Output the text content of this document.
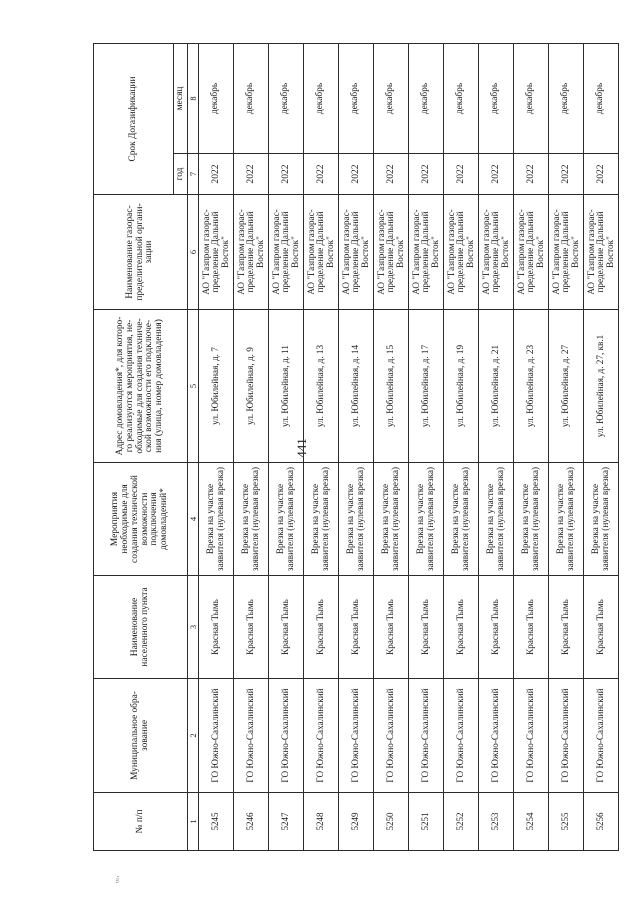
441
ᵗᵘ·
№ п/п	Муниципальное обра-зование	Наименование населенного пункта	Мероприятия необходимые для создания технической возможности подключения домовладений*	Адрес домовладения*, для которо-го реализуются мероприятия, не-обходимые для создания техниче-ской возможности его подключе-ния (улица, номер домовладения)	Наименование газорас-пределительной органи-зации	Срок Догазификации	
						год	месяц
1	2	3	4	5	6	7	8
5245	ГО Южно-Сахалинский	Красная Тымь	Врезка на участке заявителя (нулевая врезка)	ул. Юбилейная, д. 7	АО "Газпром газорас-пределение Дальний Восток"	2022	декабрь
5246	ГО Южно-Сахалинский	Красная Тымь	Врезка на участке заявителя (нулевая врезка)	ул. Юбилейная, д. 9	АО "Газпром газорас-пределение Дальний Восток"	2022	декабрь
5247	ГО Южно-Сахалинский	Красная Тымь	Врезка на участке заявителя (нулевая врезка)	ул. Юбилейная, д. 11	АО "Газпром газорас-пределение Дальний Восток"	2022	декабрь
5248	ГО Южно-Сахалинский	Красная Тымь	Врезка на участке заявителя (нулевая врезка)	ул. Юбилейная, д. 13	АО "Газпром газорас-пределение Дальний Восток"	2022	декабрь
5249	ГО Южно-Сахалинский	Красная Тымь	Врезка на участке заявителя (нулевая врезка)	ул. Юбилейная, д. 14	АО "Газпром газорас-пределение Дальний Восток"	2022	декабрь
5250	ГО Южно-Сахалинский	Красная Тымь	Врезка на участке заявителя (нулевая врезка)	ул. Юбилейная, д. 15	АО "Газпром газорас-пределение Дальний Восток"	2022	декабрь
5251	ГО Южно-Сахалинский	Красная Тымь	Врезка на участке заявителя (нулевая врезка)	ул. Юбилейная, д. 17	АО "Газпром газорас-пределение Дальний Восток"	2022	декабрь
5252	ГО Южно-Сахалинский	Красная Тымь	Врезка на участке заявителя (нулевая врезка)	ул. Юбилейная, д. 19	АО "Газпром газорас-пределение Дальний Восток"	2022	декабрь
5253	ГО Южно-Сахалинский	Красная Тымь	Врезка на участке заявителя (нулевая врезка)	ул. Юбилейная, д. 21	АО "Газпром газорас-пределение Дальний Восток"	2022	декабрь
5254	ГО Южно-Сахалинский	Красная Тымь	Врезка на участке заявителя (нулевая врезка)	ул. Юбилейная, д. 23	АО "Газпром газорас-пределение Дальний Восток"	2022	декабрь
5255	ГО Южно-Сахалинский	Красная Тымь	Врезка на участке заявителя (нулевая врезка)	ул. Юбилейная, д. 27	АО "Газпром газорас-пределение Дальний Восток"	2022	декабрь
5256	ГО Южно-Сахалинский	Красная Тымь	Врезка на участке заявителя (нулевая врезка)	ул. Юбилейная, д. 27, кв.1	АО "Газпром газорас-пределение Дальний Восток"	2022	декабрь
